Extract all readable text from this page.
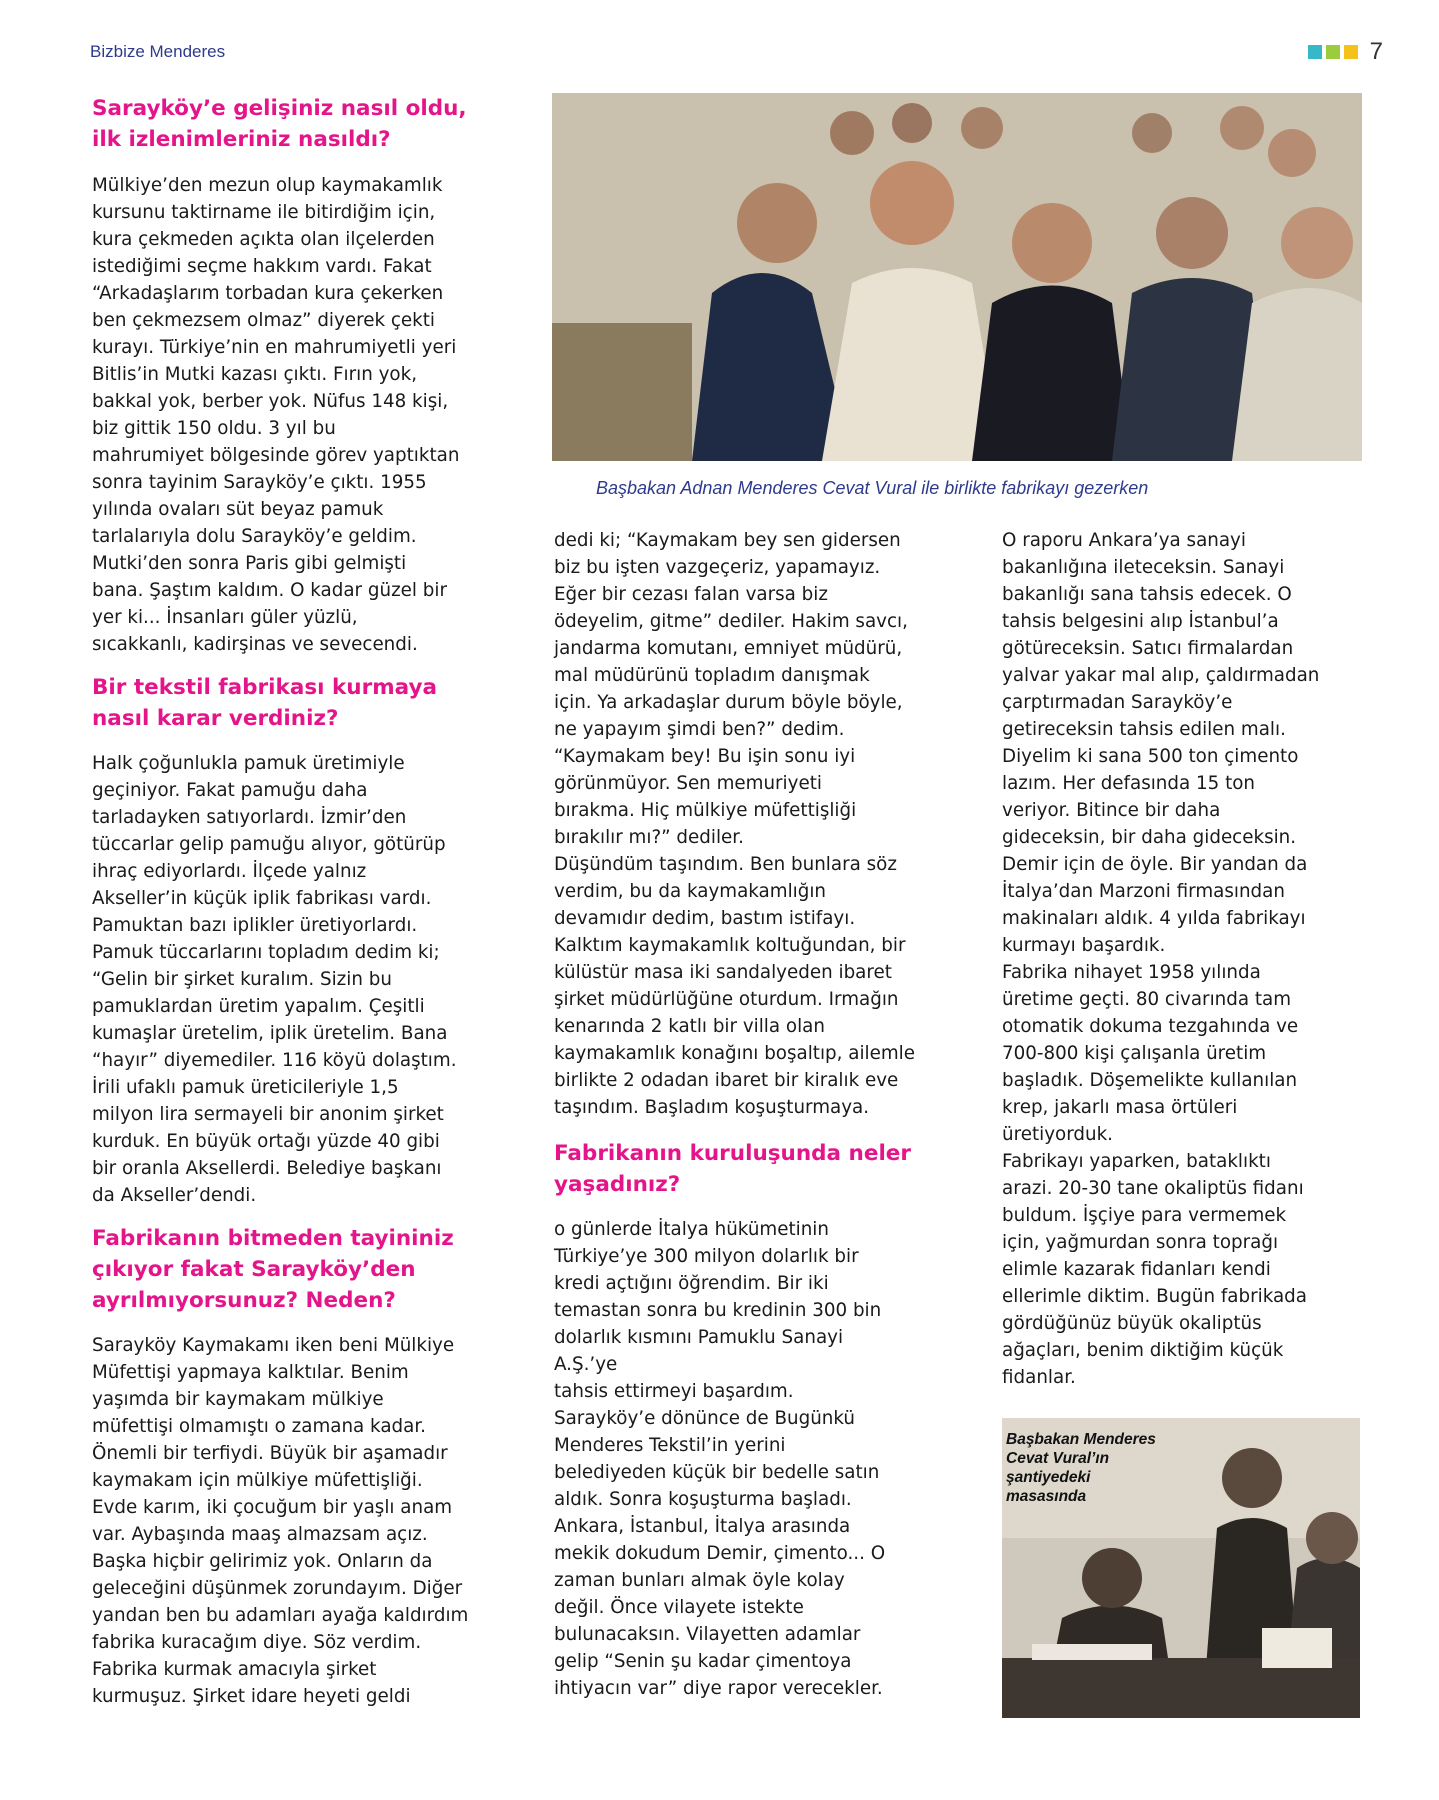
Bizbize Menderes	7
Sarayköy’e gelişiniz nasıl oldu,
ilk izlenimleriniz nasıldı?

Mülkiye’den mezun olup kaymakamlık
kursunu taktirname ile bitirdiğim için,
kura çekmeden açıkta olan ilçelerden
istediğimi seçme hakkım vardı. Fakat
“Arkadaşlarım torbadan kura çekerken
ben çekmezsem olmaz” diyerek çekti
kurayı. Türkiye’nin en mahrumiyetli yeri
Bitlis’in Mutki kazası çıktı. Fırın yok,
bakkal yok, berber yok. Nüfus 148 kişi,
biz gittik 150 oldu. 3 yıl bu
mahrumiyet bölgesinde görev yaptıktan
sonra tayinim Sarayköy’e çıktı. 1955
yılında ovaları süt beyaz pamuk
tarlalarıyla dolu Sarayköy’e geldim.
Mutki’den sonra Paris gibi gelmişti
bana. Şaştım kaldım. O kadar güzel bir
yer ki... İnsanları güler yüzlü,
sıcakkanlı, kadirşinas ve sevecendi.

Bir tekstil fabrikası kurmaya
nasıl karar verdiniz?

Halk çoğunlukla pamuk üretimiyle
geçiniyor. Fakat pamuğu daha
tarladayken satıyorlardı. İzmir’den
tüccarlar gelip pamuğu alıyor, götürüp
ihraç ediyorlardı. İlçede yalnız
Akseller’in küçük iplik fabrikası vardı.
Pamuktan bazı iplikler üretiyorlardı.
Pamuk tüccarlarını topladım dedim ki;
“Gelin bir şirket kuralım. Sizin bu
pamuklardan üretim yapalım. Çeşitli
kumaşlar üretelim, iplik üretelim. Bana
“hayır” diyemediler. 116 köyü dolaştım.
İrili ufaklı pamuk üreticileriyle 1,5
milyon lira sermayeli bir anonim şirket
kurduk. En büyük ortağı yüzde 40 gibi
bir oranla Aksellerdi. Belediye başkanı
da Akseller’dendi.

Fabrikanın bitmeden tayininiz
çıkıyor fakat Sarayköy’den
ayrılmıyorsunuz? Neden?

Sarayköy Kaymakamı iken beni Mülkiye
Müfettişi yapmaya kalktılar. Benim
yaşımda bir kaymakam mülkiye
müfettişi olmamıştı o zamana kadar.
Önemli bir terfiydi. Büyük bir aşamadır
kaymakam için mülkiye müfettişliği.
Evde karım, iki çocuğum bir yaşlı anam
var. Aybaşında maaş almazsam açız.
Başka hiçbir gelirimiz yok. Onların da
geleceğini düşünmek zorundayım. Diğer
yandan ben bu adamları ayağa kaldırdım
fabrika kuracağım diye. Söz verdim.
Fabrika kurmak amacıyla şirket
kurmuşuz. Şirket idare heyeti geldi

Başbakan Adnan Menderes Cevat Vural ile birlikte fabrikayı gezerken

dedi ki; “Kaymakam bey sen gidersen
biz bu işten vazgeçeriz, yapamayız.
Eğer bir cezası falan varsa biz
ödeyelim, gitme” dediler. Hakim savcı,
jandarma komutanı, emniyet müdürü,
mal müdürünü topladım danışmak
için. Ya arkadaşlar durum böyle böyle,
ne yapayım şimdi ben?” dedim.
“Kaymakam bey! Bu işin sonu iyi
görünmüyor. Sen memuriyeti
bırakma. Hiç mülkiye müfettişliği
bırakılır mı?” dediler.
Düşündüm taşındım. Ben bunlara söz
verdim, bu da kaymakamlığın
devamıdır dedim, bastım istifayı.
Kalktım kaymakamlık koltuğundan, bir
külüstür masa iki sandalyeden ibaret
şirket müdürlüğüne oturdum. Irmağın
kenarında 2 katlı bir villa olan
kaymakamlık konağını boşaltıp, ailemle
birlikte 2 odadan ibaret bir kiralık eve
taşındım. Başladım koşuşturmaya.

Fabrikanın kuruluşunda neler
yaşadınız?

o günlerde İtalya hükümetinin
Türkiye’ye 300 milyon dolarlık bir
kredi açtığını öğrendim. Bir iki
temastan sonra bu kredinin 300 bin
dolarlık kısmını Pamuklu Sanayi
A.Ş.’ye
tahsis ettirmeyi başardım.
Sarayköy’e dönünce de Bugünkü
Menderes Tekstil’in yerini
belediyeden küçük bir bedelle satın
aldık. Sonra koşuşturma başladı.
Ankara, İstanbul, İtalya arasında
mekik dokudum Demir, çimento... O
zaman bunları almak öyle kolay
değil. Önce vilayete istekte
bulunacaksın. Vilayetten adamlar
gelip “Senin şu kadar çimentoya
ihtiyacın var” diye rapor verecekler.

O raporu Ankara’ya sanayi
bakanlığına ileteceksin. Sanayi
bakanlığı sana tahsis edecek. O
tahsis belgesini alıp İstanbul’a
götüreceksin. Satıcı firmalardan
yalvar yakar mal alıp, çaldırmadan
çarptırmadan Sarayköy’e
getireceksin tahsis edilen malı.
Diyelim ki sana 500 ton çimento
lazım. Her defasında 15 ton
veriyor. Bitince bir daha
gideceksin, bir daha gideceksin.
Demir için de öyle. Bir yandan da
İtalya’dan Marzoni firmasından
makinaları aldık. 4 yılda fabrikayı
kurmayı başardık.
Fabrika nihayet 1958 yılında
üretime geçti. 80 civarında tam
otomatik dokuma tezgahında ve
700-800 kişi çalışanla üretim
başladık. Döşemelikte kullanılan
krep, jakarlı masa örtüleri
üretiyorduk.
Fabrikayı yaparken, bataklıktı
arazi. 20-30 tane okaliptüs fidanı
buldum. İşçiye para vermemek
için, yağmurdan sonra toprağı
elimle kazarak fidanları kendi
ellerimle diktim. Bugün fabrikada
gördüğünüz büyük okaliptüs
ağaçları, benim diktiğim küçük
fidanlar.

Başbakan Menderes
Cevat Vural’ın
şantiyedeki
masasında
